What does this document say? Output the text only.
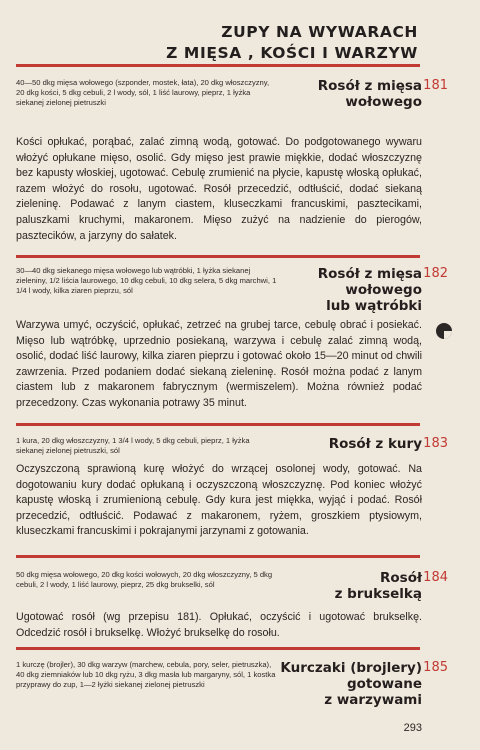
ZUPY NA WYWARACH
Z MIĘSA , KOŚCI I WARZYW
40—50 dkg mięsa wołowego (szponder, mostek, łata), 20 dkg włoszczyzny, 20 dkg kości, 5 dkg cebuli, 2 l wody, sól, 1 liść laurowy, pieprz, 1 łyżka siekanej zielonej pietruszki
Rosół z mięsa
wołowego
181
Kości opłukać, porąbać, zalać zimną wodą, gotować. Do podgotowanego wywaru włożyć opłukane mięso, osolić. Gdy mięso jest prawie miękkie, dodać włoszczyznę bez kapusty włoskiej, ugotować. Cebulę zrumienić na płycie, kapustę włoską opłukać, razem włożyć do rosołu, ugotować. Rosół przecedzić, odtłuścić, dodać siekaną zieleninę. Podawać z lanym ciastem, kluseczkami francuskimi, pasztecikami, paluszkami kruchymi, makaronem. Mięso zużyć na nadzienie do pierogów, pasztecików, a jarzyny do sałatek.
30—40 dkg siekanego mięsa wołowego lub wątróbki, 1 łyżka siekanej zieleniny, 1/2 liścia laurowego, 10 dkg cebuli, 10 dkg selera, 5 dkg marchwi, 1 1/4 l wody, kilka ziaren pieprzu, sól
Rosół z mięsa
wołowego
lub wątróbki
182
Warzywa umyć, oczyścić, opłukać, zetrzeć na grubej tarce, cebulę obrać i posiekać. Mięso lub wątróbkę, uprzednio posiekaną, warzywa i cebulę zalać zimną wodą, osolić, dodać liść laurowy, kilka ziaren pieprzu i gotować około 15—20 minut od chwili zawrzenia. Przed podaniem dodać siekaną zieleninę. Rosół można podać z lanym ciastem lub z makaronem fabrycznym (wermiszelem). Można również podać przecedzony. Czas wykonania potrawy 35 minut.
1 kura, 20 dkg włoszczyzny, 1 3/4 l wody, 5 dkg cebuli, pieprz, 1 łyżka siekanej zielonej pietruszki, sól	Rosół z kury 183
Oczyszczoną sprawioną kurę włożyć do wrzącej osolonej wody, gotować. Na dogotowaniu kury dodać opłukaną i oczyszczoną włoszczyznę. Pod koniec włożyć kapustę włoską i zrumienioną cebulę. Gdy kura jest miękka, wyjąć i podać. Rosół przecedzić, odtłuścić. Podawać z makaronem, ryżem, groszkiem ptysiowym, kluseczkami francuskimi i pokrajanymi jarzynami z gotowania.
50 dkg mięsa wołowego, 20 dkg kości wołowych, 20 dkg włoszczyzny, 5 dkg cebuli, 2 l wody, 1 liść laurowy, pieprz, 25 dkg brukselki, sól	Rosół
z brukselką
184
Ugotować rosół (wg przepisu 181). Opłukać, oczyścić i ugotować brukselkę. Odcedzić rosół i brukselkę. Włożyć brukselkę do rosołu.
1 kurczę (brojler), 30 dkg warzyw (marchew, cebula, pory, seler, pietruszka), 40 dkg ziemniaków lub 10 dkg ryżu, 3 dkg masła lub margaryny, sól, 1 kostka przyprawy do zup, 1—2 łyżki siekanej zielonej pietruszki
Kurczaki (brojlery)
gotowane
z warzywami
185
293
